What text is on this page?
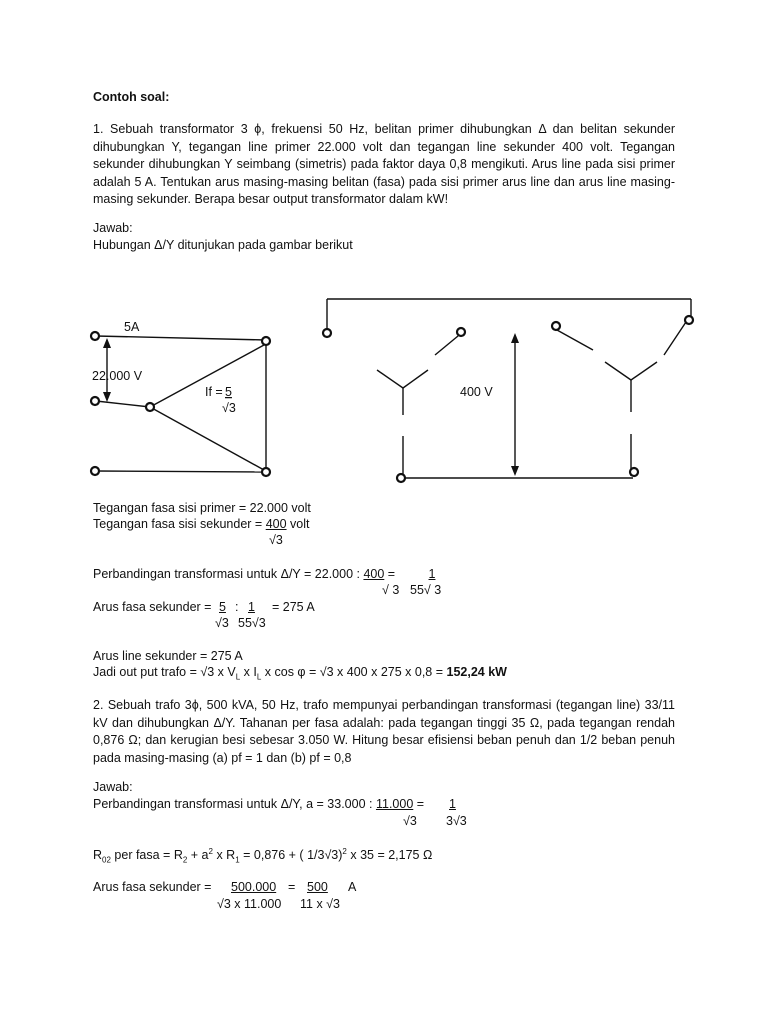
Contoh soal:

1. Sebuah transformator 3 ϕ, frekuensi 50 Hz, belitan primer dihubungkan Δ dan belitan sekunder dihubungkan Y, tegangan line primer 22.000 volt dan tegangan line sekunder 400 volt. Tegangan sekunder dihubungkan Y seimbang (simetris) pada faktor daya 0,8 mengikuti. Arus line pada sisi primer adalah 5 A. Tentukan arus masing-masing belitan (fasa) pada sisi primer arus line dan arus line masing-masing sekunder. Berapa besar output transformator dalam kW!

Jawab:
Hubungan Δ/Y ditunjukan pada gambar berikut
5A
22.000 V
If = 5
√3
400 V
Tegangan fasa sisi primer = 22.000 volt
Tegangan fasa sisi sekunder = 400 volt
√3
Perbandingan transformasi untuk Δ/Y = 22.000 : 400 =	1
√ 3 55√ 3
Arus fasa sekunder = 5 : 1 = 275 A
√3 55√3
Arus line sekunder = 275 A
Jadi out put trafo = √3 x $V_L$ x $I_L$ x cos φ = √3 x 400 x 275 x 0,8 = 152,24 kW

2. Sebuah trafo 3ϕ, 500 kVA, 50 Hz, trafo mempunyai perbandingan transformasi (tegangan line) 33/11 kV dan dihubungkan Δ/Y. Tahanan per fasa adalah: pada tegangan tinggi 35 Ω, pada tegangan rendah 0,876 Ω; dan kerugian besi sebesar 3.050 W. Hitung besar efisiensi beban penuh dan 1/2 beban penuh pada masing-masing (a) pf = 1 dan (b) pf = 0,8

Jawab:
Perbandingan transformasi untuk Δ/Y, a = 33.000 : 11.000 = 1
√3 3√3
$R_{02}$ per fasa = $R_2 + a^2$ x $R_1 = 0,876$ + ( 1/3√3)$^2$ x 35 = 2,175 Ω
Arus fasa sekunder = 500.000 = 500 A
√3 x 11.000 11 x √3
